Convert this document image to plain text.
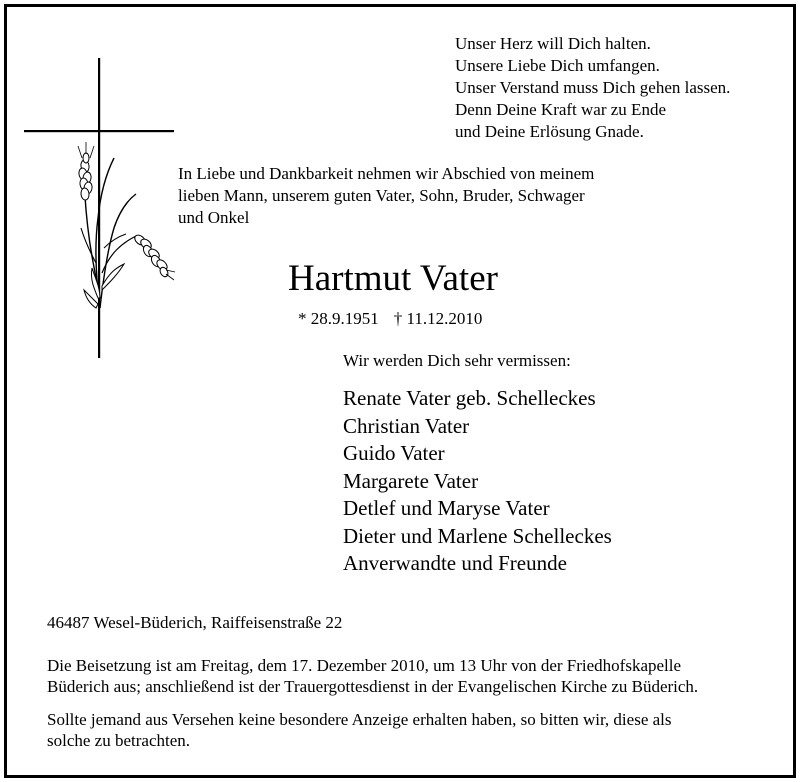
Unser Herz will Dich halten.
Unsere Liebe Dich umfangen.
Unser Verstand muss Dich gehen lassen.
Denn Deine Kraft war zu Ende
und Deine Erlösung Gnade.
In Liebe und Dankbarkeit nehmen wir Abschied von meinem
lieben Mann, unserem guten Vater, Sohn, Bruder, Schwager
und Onkel
Hartmut Vater
* 28.9.1951 † 11.12.2010
Wir werden Dich sehr vermissen:
Renate Vater geb. Schelleckes
Christian Vater
Guido Vater
Margarete Vater
Detlef und Maryse Vater
Dieter und Marlene Schelleckes
Anverwandte und Freunde
46487 Wesel-Büderich, Raiffeisenstraße 22
Die Beisetzung ist am Freitag, dem 17. Dezember 2010, um 13 Uhr von der Friedhofskapelle
Büderich aus; anschließend ist der Trauergottesdienst in der Evangelischen Kirche zu Büderich.
Sollte jemand aus Versehen keine besondere Anzeige erhalten haben, so bitten wir, diese als
solche zu betrachten.
